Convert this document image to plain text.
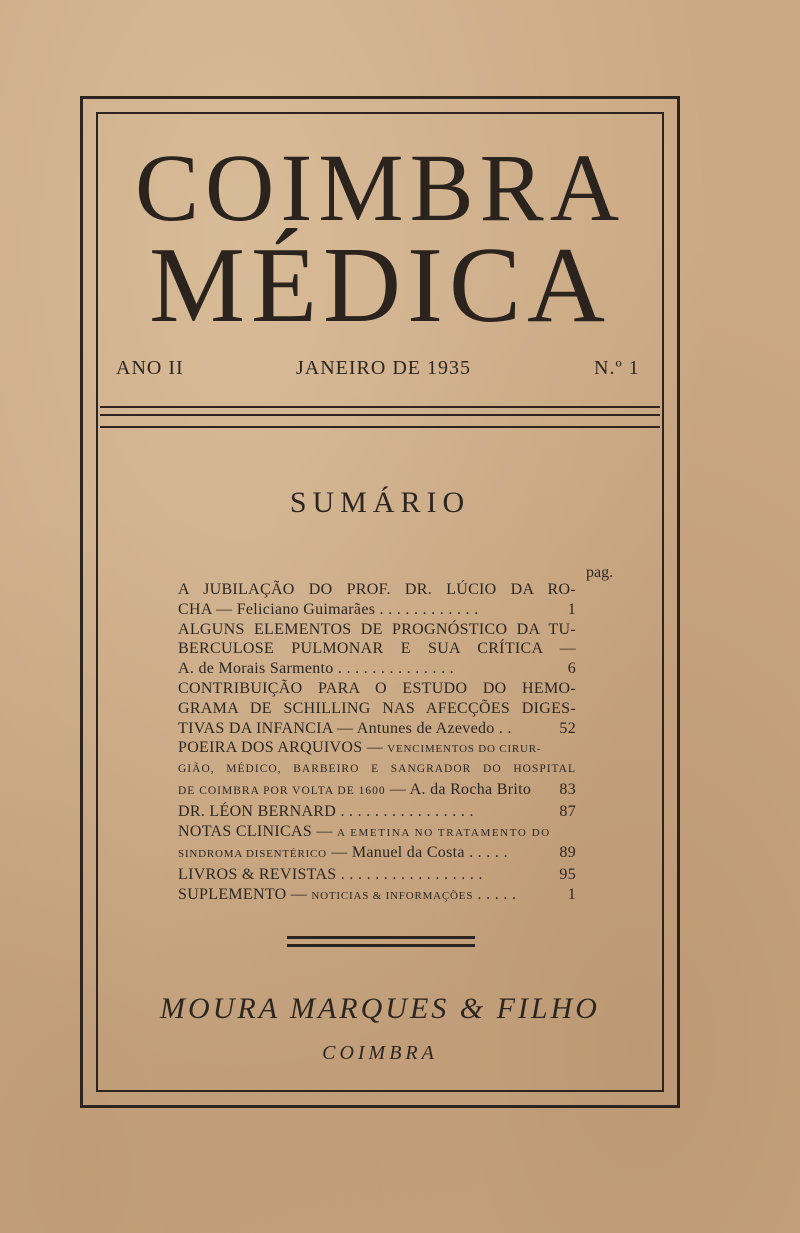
COIMBRA
MÉDICA
ANO II	JANEIRO DE 1935	N.º 1
SUMÁRIO
pag.
A JUBILAÇÃO DO PROF. DR. LÚCIO DA RO-
CHA — Feliciano Guimarães . . . . . . . . . . . .	1
ALGUNS ELEMENTOS DE PROGNÓSTICO DA TU-
BERCULOSE PULMONAR E SUA CRÍTICA —
A. de Morais Sarmento . . . . . . . . . . . . . .	6
CONTRIBUIÇÃO PARA O ESTUDO DO HEMO-
GRAMA DE SCHILLING NAS AFECÇÕES DIGES-
TIVAS DA INFANCIA — Antunes de Azevedo . .	52
POEIRA DOS ARQUIVOS — VENCIMENTOS DO CIRUR-
GIÃO, MÉDICO, BARBEIRO E SANGRADOR DO HOSPITAL
DE COIMBRA POR VOLTA DE 1600 — A. da Rocha Brito 83
DR. LÉON BERNARD . . . . . . . . . . . . . . . .	87
NOTAS CLINICAS — A EMETINA NO TRATAMENTO DO
SINDROMA DISENTÉRICO — Manuel da Costa . . . . .	89
LIVROS & REVISTAS . . . . . . . . . . . . . . . . .	95
SUPLEMENTO — NOTICIAS & INFORMAÇÕES . . . . .	1
MOURA MARQUES & FILHO
COIMBRA
